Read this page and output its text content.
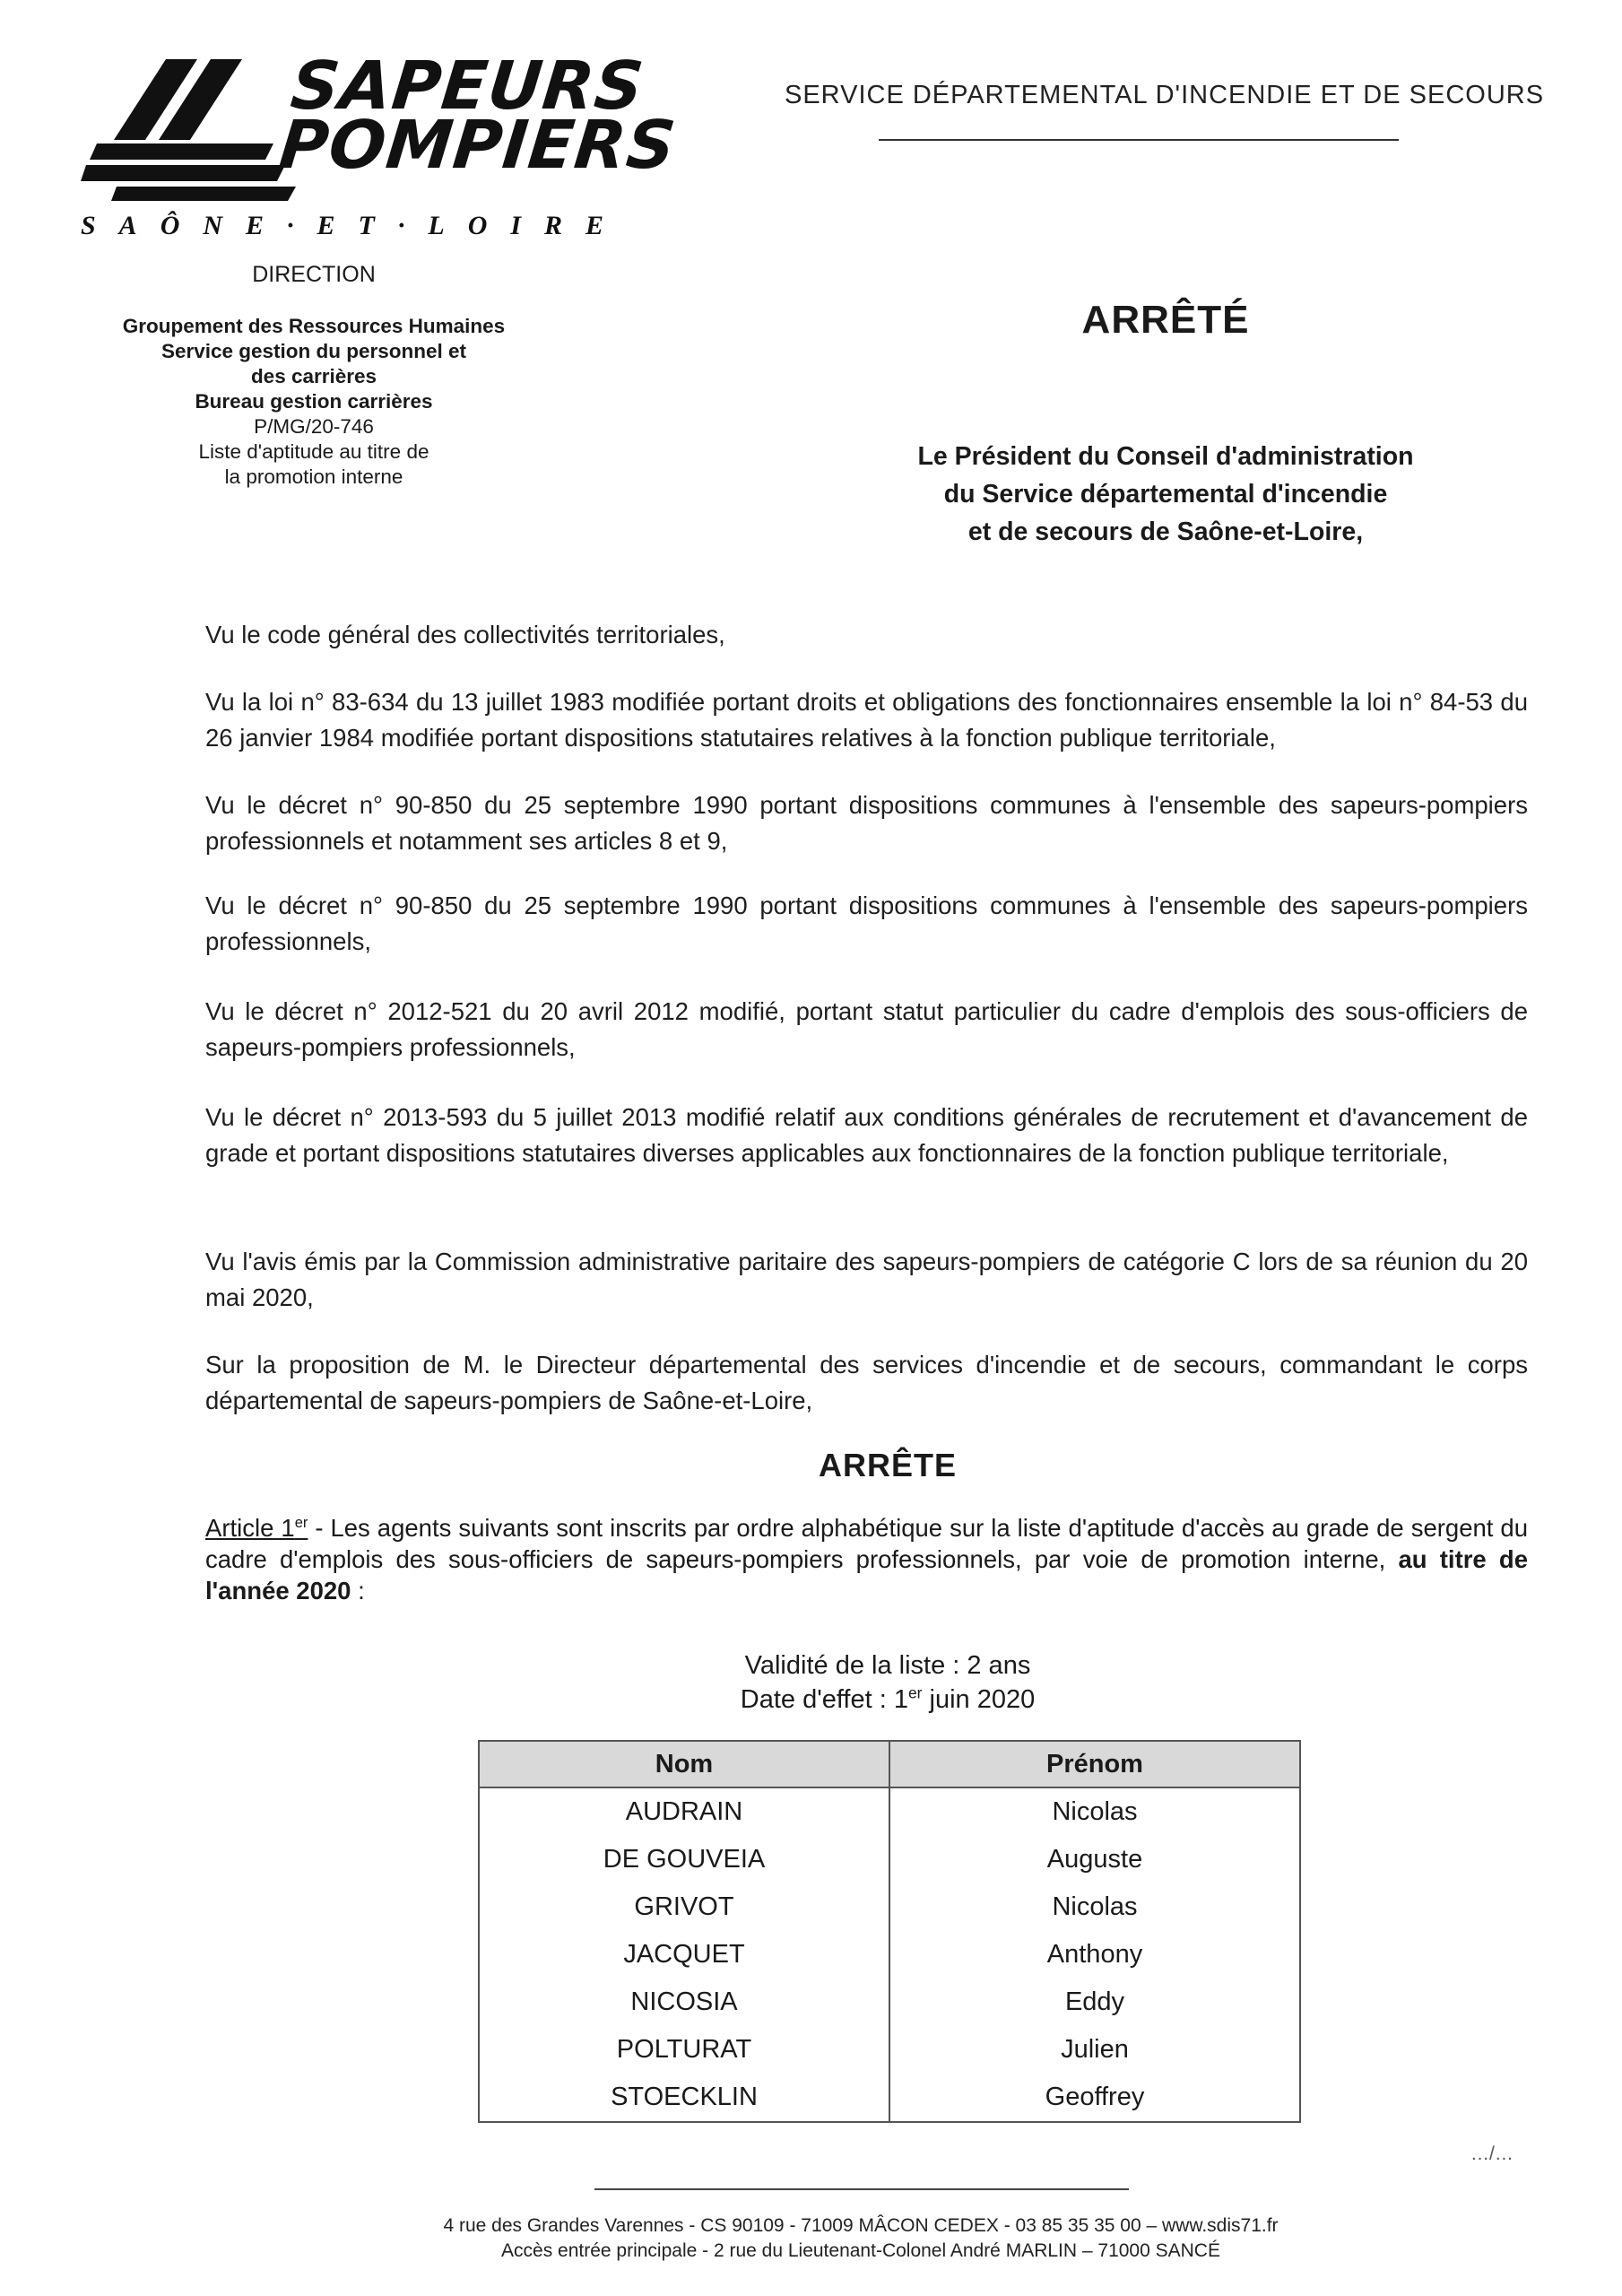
SAPEURS
POMPIERS
SAÔNE·ET·LOIRE
SERVICE DÉPARTEMENTAL D'INCENDIE ET DE SECOURS
DIRECTION
Groupement des Ressources Humaines
Service gestion du personnel et
des carrières
Bureau gestion carrières
P/MG/20-746
Liste d'aptitude au titre de
la promotion interne
ARRÊTÉ
Le Président du Conseil d'administration
du Service départemental d'incendie
et de secours de Saône-et-Loire,
Vu le code général des collectivités territoriales,
Vu la loi n° 83-634 du 13 juillet 1983 modifiée portant droits et obligations des fonctionnaires ensemble la loi n° 84-53 du 26 janvier 1984 modifiée portant dispositions statutaires relatives à la fonction publique territoriale,
Vu le décret n° 90-850 du 25 septembre 1990 portant dispositions communes à l'ensemble des sapeurs-pompiers professionnels et notamment ses articles 8 et 9,
Vu le décret n° 90-850 du 25 septembre 1990 portant dispositions communes à l'ensemble des sapeurs-pompiers professionnels,
Vu le décret n° 2012-521 du 20 avril 2012 modifié, portant statut particulier du cadre d'emplois des sous-officiers de sapeurs-pompiers professionnels,
Vu le décret n° 2013-593 du 5 juillet 2013 modifié relatif aux conditions générales de recrutement et d'avancement de grade et portant dispositions statutaires diverses applicables aux fonctionnaires de la fonction publique territoriale,
Vu l'avis émis par la Commission administrative paritaire des sapeurs-pompiers de catégorie C lors de sa réunion du 20 mai 2020,
Sur la proposition de M. le Directeur départemental des services d'incendie et de secours, commandant le corps départemental de sapeurs-pompiers de Saône-et-Loire,
ARRÊTE
Article 1er - Les agents suivants sont inscrits par ordre alphabétique sur la liste d'aptitude d'accès au grade de sergent du cadre d'emplois des sous-officiers de sapeurs-pompiers professionnels, par voie de promotion interne, au titre de l'année 2020 :
Validité de la liste : 2 ans
Date d'effet : 1er juin 2020
Nom	Prénom
AUDRAIN	Nicolas
DE GOUVEIA	Auguste
GRIVOT	Nicolas
JACQUET	Anthony
NICOSIA	Eddy
POLTURAT	Julien
STOECKLIN	Geoffrey
…/…
4 rue des Grandes Varennes - CS 90109 - 71009 MÂCON CEDEX - 03 85 35 35 00 – www.sdis71.fr
Accès entrée principale - 2 rue du Lieutenant-Colonel André MARLIN – 71000 SANCÉ
